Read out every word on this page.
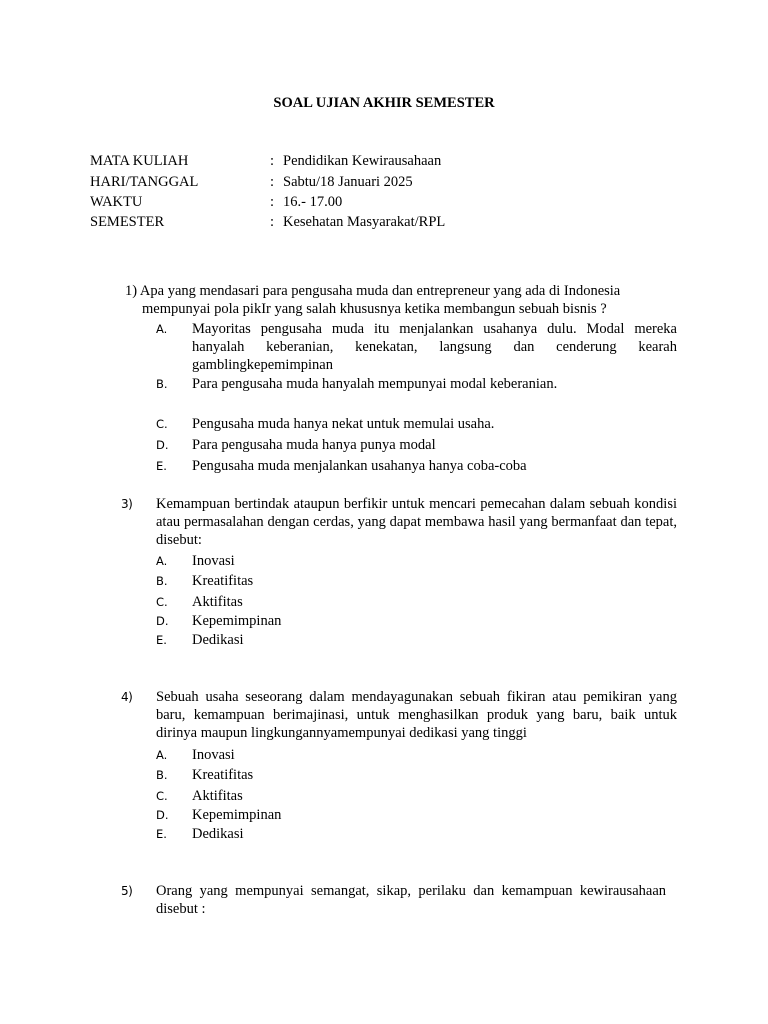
SOAL UJIAN AKHIR SEMESTER
MATA KULIAH	: Pendidikan Kewirausahaan
HARI/TANGGAL	: Sabtu/18 Januari 2025
WAKTU	: 16.- 17.00
SEMESTER	: Kesehatan Masyarakat/RPL
1) Apa yang mendasari para pengusaha muda dan entrepreneur yang ada di Indonesia
mempunyai pola pikIr yang salah khususnya ketika membangun sebuah bisnis ?
A. Mayoritas pengusaha muda itu menjalankan usahanya dulu. Modal mereka hanyalah keberanian, kenekatan, langsung dan cenderung kearah gamblingkepemimpinan
B. Para pengusaha muda hanyalah mempunyai modal keberanian.
C. Pengusaha muda hanya nekat untuk memulai usaha.
D. Para pengusaha muda hanya punya modal
E. Pengusaha muda menjalankan usahanya hanya coba-coba
3) Kemampuan bertindak ataupun berfikir untuk mencari pemecahan dalam sebuah kondisi atau permasalahan dengan cerdas, yang dapat membawa hasil yang bermanfaat dan tepat, disebut:
A. Inovasi
B. Kreatifitas
C. Aktifitas
D. Kepemimpinan
E. Dedikasi
4) Sebuah usaha seseorang dalam mendayagunakan sebuah fikiran atau pemikiran yang baru, kemampuan berimajinasi, untuk menghasilkan produk yang baru, baik untuk dirinya maupun lingkungannyamempunyai dedikasi yang tinggi
A. Inovasi
B. Kreatifitas
C. Aktifitas
D. Kepemimpinan
E. Dedikasi
5) Orang yang mempunyai semangat, sikap, perilaku dan kemampuan kewirausahaan disebut :
